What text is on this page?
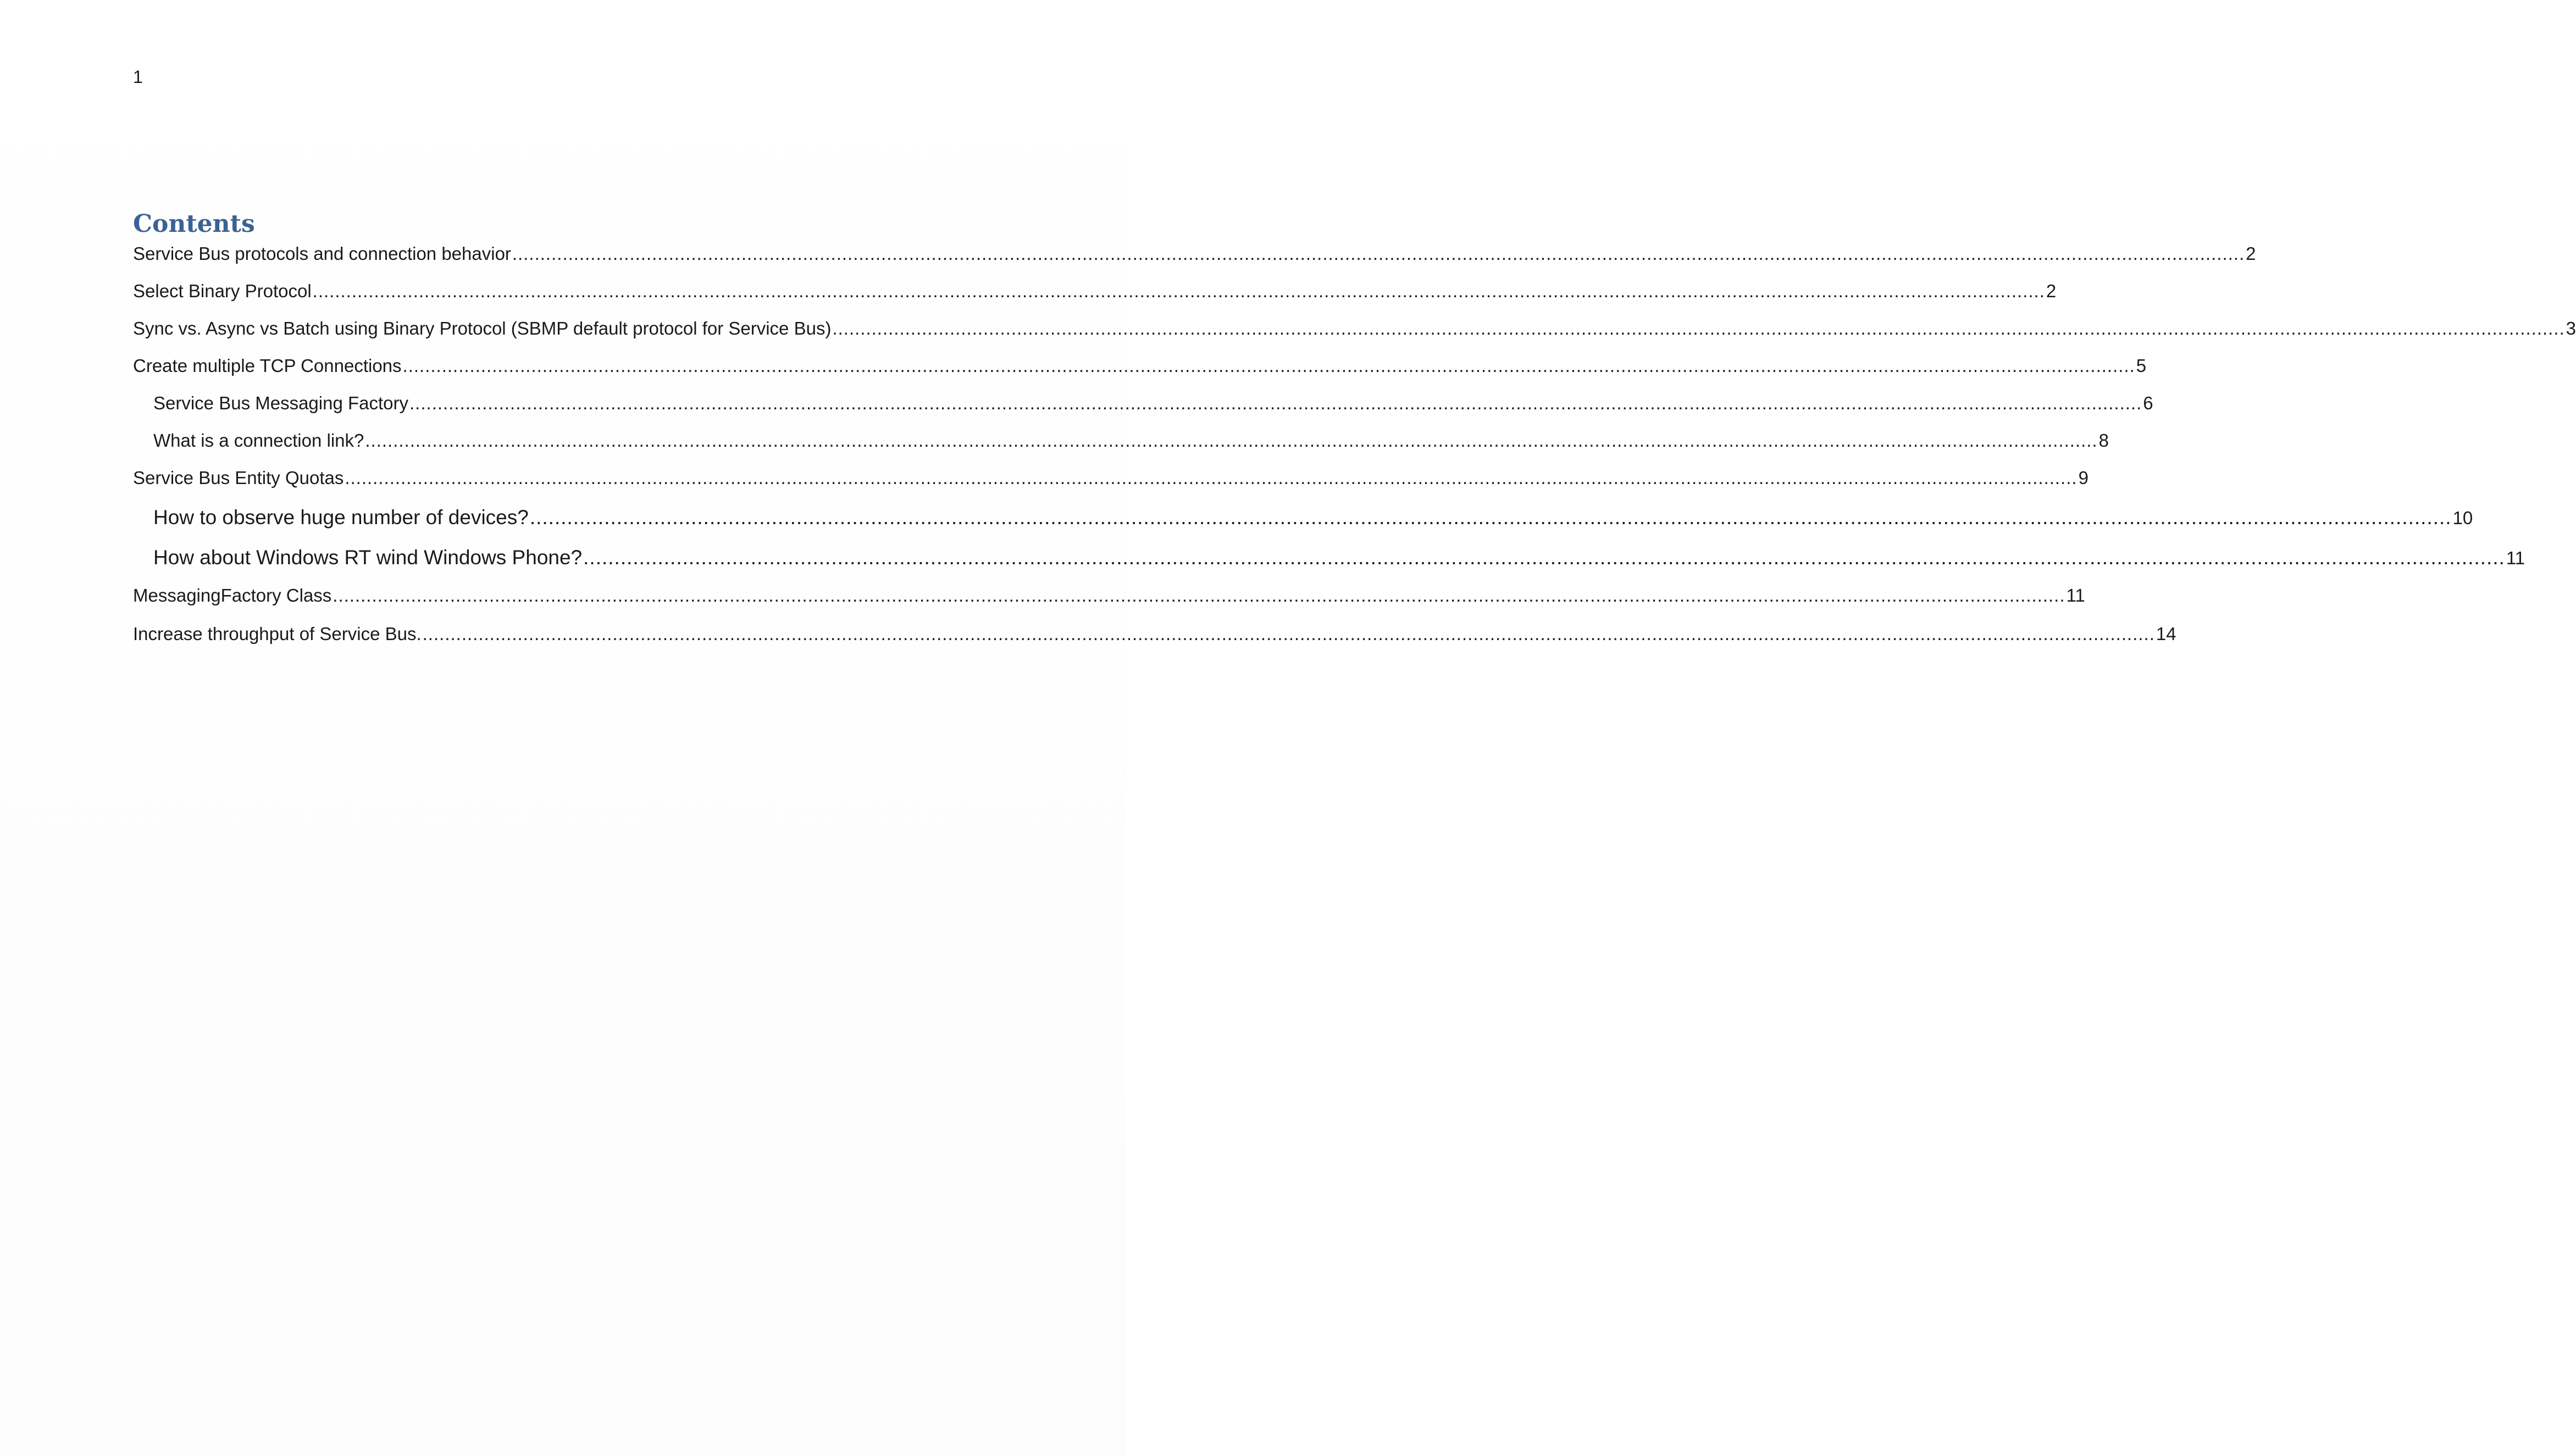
1
Contents
Service Bus protocols and connection behavior .....	2
Select Binary Protocol .....	2
Sync vs. Async vs Batch using Binary Protocol (SBMP default protocol for Service Bus) .....	3
Create multiple TCP Connections .....	5
Service Bus Messaging Factory .....	6
What is a connection link? .....	8
Service Bus Entity Quotas .....	9
How to observe huge number of devices? .....	10
How about Windows RT wind Windows Phone? .....	11
MessagingFactory Class .....	11
Increase throughput of Service Bus. .....	14
